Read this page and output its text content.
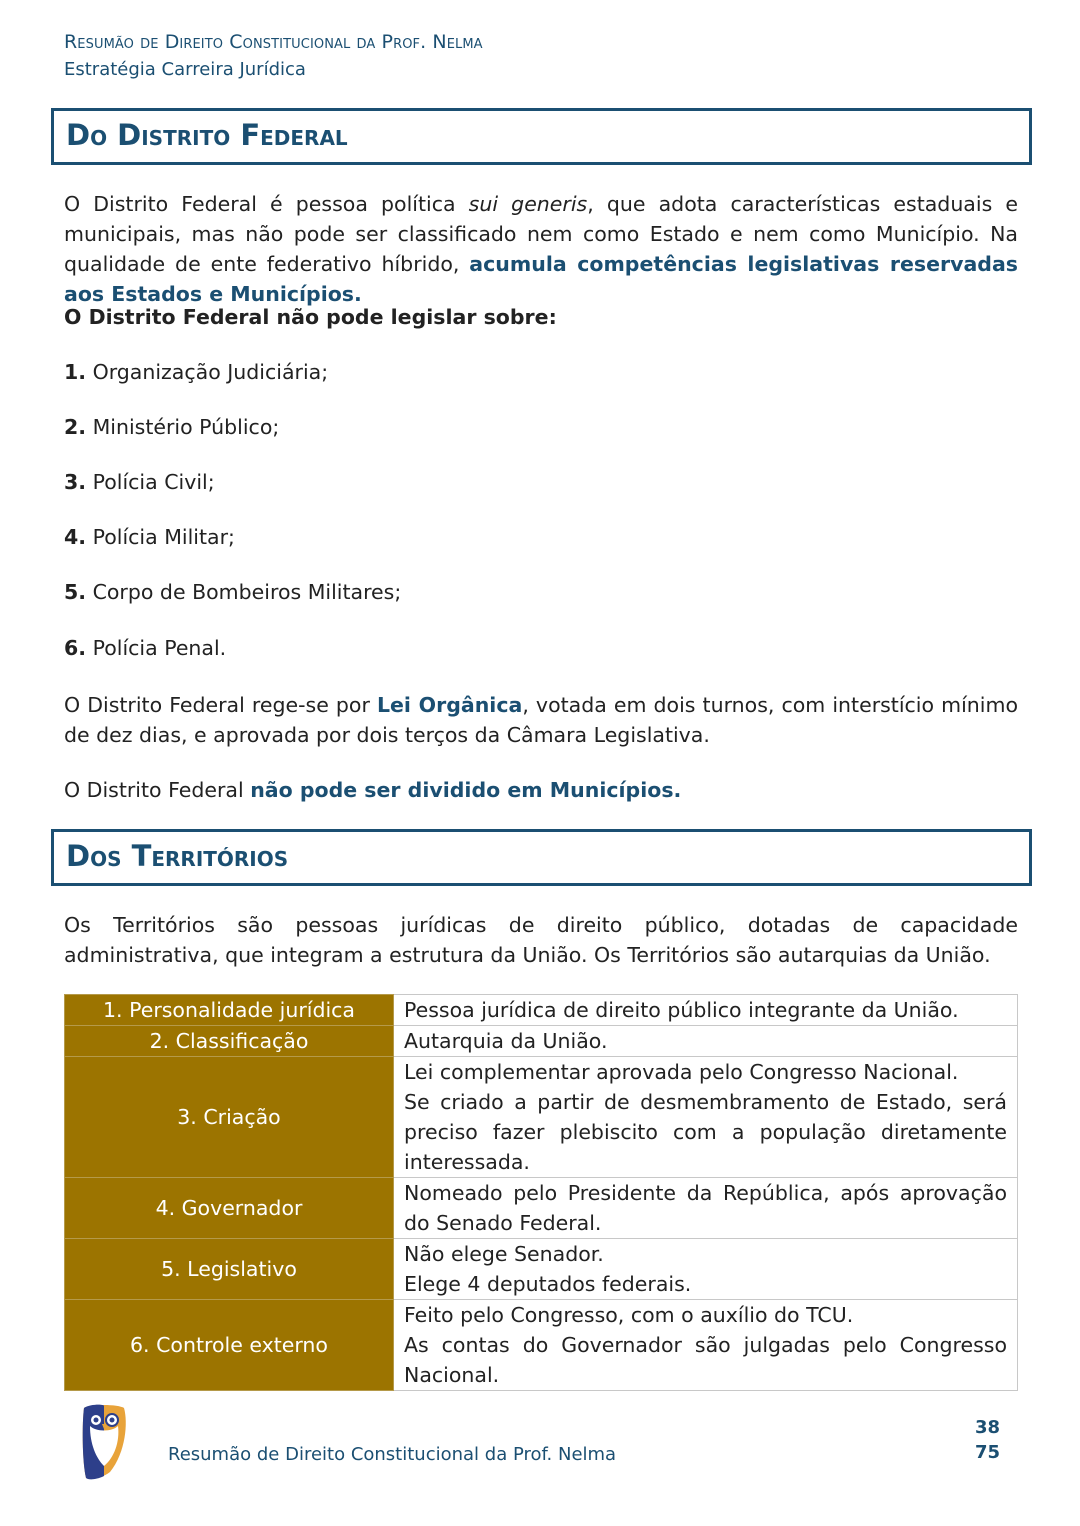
Resumão de Direito Constitucional da Prof. Nelma
Estratégia Carreira Jurídica
Do Distrito Federal
O Distrito Federal é pessoa política sui generis, que adota características estaduais e municipais, mas não pode ser classificado nem como Estado e nem como Município. Na qualidade de ente federativo híbrido, acumula competências legislativas reservadas aos Estados e Municípios.
O Distrito Federal não pode legislar sobre:
1. Organização Judiciária;
2. Ministério Público;
3. Polícia Civil;
4. Polícia Militar;
5. Corpo de Bombeiros Militares;
6. Polícia Penal.
O Distrito Federal rege-se por Lei Orgânica, votada em dois turnos, com interstício mínimo de dez dias, e aprovada por dois terços da Câmara Legislativa.
O Distrito Federal não pode ser dividido em Municípios.
Dos Territórios
Os Territórios são pessoas jurídicas de direito público, dotadas de capacidade administrativa, que integram a estrutura da União. Os Territórios são autarquias da União.
1. Personalidade jurídica	Pessoa jurídica de direito público integrante da União.
2. Classificação	Autarquia da União.
3. Criação	Lei complementar aprovada pelo Congresso Nacional.
Se criado a partir de desmembramento de Estado, será preciso fazer plebiscito com a população diretamente interessada.

4. Governador	Nomeado pelo Presidente da República, após aprovação do Senado Federal.
5. Legislativo	Não elege Senador.
Elege 4 deputados federais.

6. Controle externo	Feito pelo Congresso, com o auxílio do TCU.
As contas do Governador são julgadas pelo Congresso Nacional.
Resumão de Direito Constitucional da Prof. Nelma
38
75
